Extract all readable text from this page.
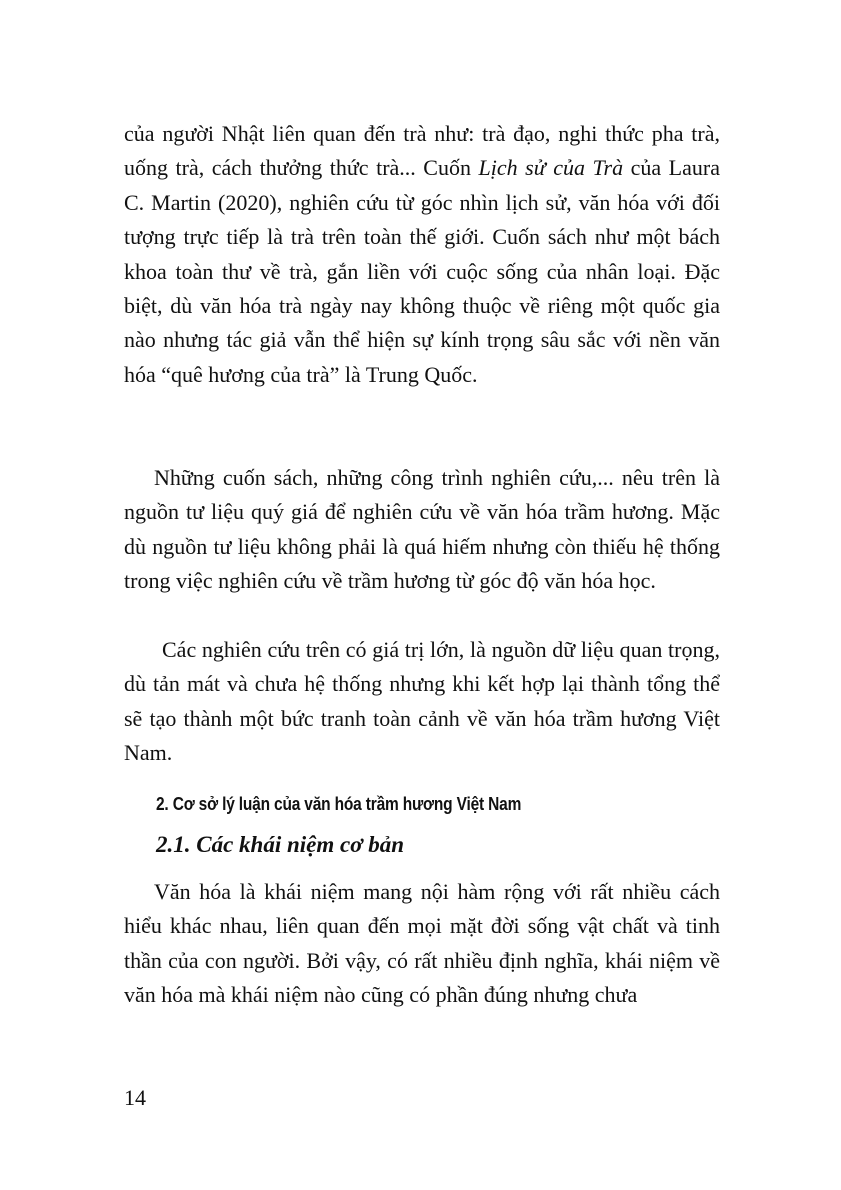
của người Nhật liên quan đến trà như: trà đạo, nghi thức pha trà, uống trà, cách thưởng thức trà... Cuốn Lịch sử của Trà của Laura C. Martin (2020), nghiên cứu từ góc nhìn lịch sử, văn hóa với đối tượng trực tiếp là trà trên toàn thế giới. Cuốn sách như một bách khoa toàn thư về trà, gắn liền với cuộc sống của nhân loại. Đặc biệt, dù văn hóa trà ngày nay không thuộc về riêng một quốc gia nào nhưng tác giả vẫn thể hiện sự kính trọng sâu sắc với nền văn hóa “quê hương của trà” là Trung Quốc.

Những cuốn sách, những công trình nghiên cứu,... nêu trên là nguồn tư liệu quý giá để nghiên cứu về văn hóa trầm hương. Mặc dù nguồn tư liệu không phải là quá hiếm nhưng còn thiếu hệ thống trong việc nghiên cứu về trầm hương từ góc độ văn hóa học.

Các nghiên cứu trên có giá trị lớn, là nguồn dữ liệu quan trọng, dù tản mát và chưa hệ thống nhưng khi kết hợp lại thành tổng thể sẽ tạo thành một bức tranh toàn cảnh về văn hóa trầm hương Việt Nam.

2. Cơ sở lý luận của văn hóa trầm hương Việt Nam
2.1. Các khái niệm cơ bản

Văn hóa là khái niệm mang nội hàm rộng với rất nhiều cách hiểu khác nhau, liên quan đến mọi mặt đời sống vật chất và tinh thần của con người. Bởi vậy, có rất nhiều định nghĩa, khái niệm về văn hóa mà khái niệm nào cũng có phần đúng nhưng chưa

14
